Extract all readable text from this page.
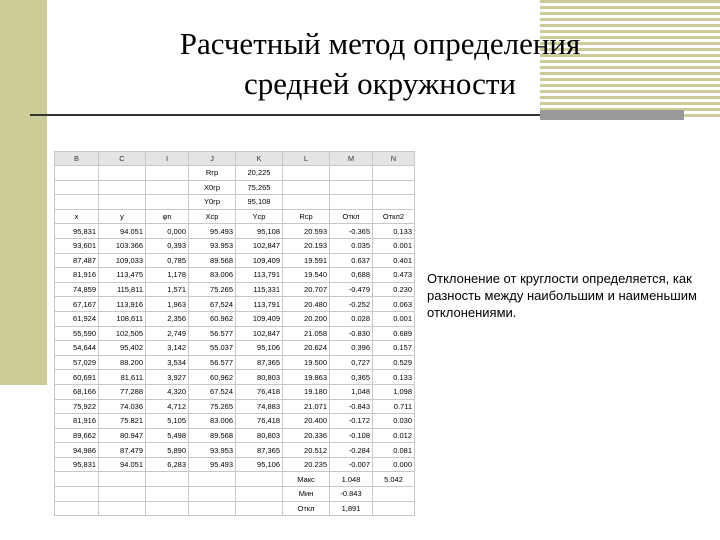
Расчетный метод определения
средней окружности
B	C	I	J	K	L	M	N
			Rгр	20,225			
			X0гр	75,265			
			Y0гр	95,108			
x	y	φn	Xср	Yср	Rср	Откл	Откл2
95,831	94.051	0,000	95.493	95,108	20.593	-0.365	0.133
93,601	103.366	0,393	93.953	102,847	20.193	0.035	0.001
87,487	109,033	0,785	89.568	109,409	19.591	0.637	0.401
81,916	113,475	1,178	83.006	113,791	19.540	0,688	0.473
74,859	115,811	1,571	75.265	115,331	20.707	-0.479	0.230
67,167	113,916	1,963	67,524	113,791	20.480	-0.252	0.063
61,924	108,611	2,356	60.962	109,409	20.200	0.028	0.001
55,590	102,505	2,749	56.577	102,847	21.058	-0.830	0.689
54,644	95,402	3,142	55.037	95,106	20.624	0.396	0.157
57,029	88.200	3,534	56.577	87,365	19.500	0,727	0.529
60,691	81,611	3,927	60,962	80,803	19.863	0,365	0.133
68,166	77,288	4,320	67.524	76,418	19.180	1,048	1.098
75,922	74.036	4,712	75.265	74,883	21.071	-0.843	0.711
81,916	75.821	5,105	83.006	76,418	20.400	-0.172	0.030
89,662	80.947	5,498	89.568	80,803	20.336	-0.108	0.012
94,986	87.479	5,890	93.953	87,365	20.512	-0.284	0.081
95,831	94.051	6,283	95.493	95,106	20.235	-0.007	0.000
					Макс	1.048	5.042
					Мин	-0.843	
					Откл	1,891	
Отклонение от круглости определяется, как разность между наибольшим и наименьшим отклонениями.
